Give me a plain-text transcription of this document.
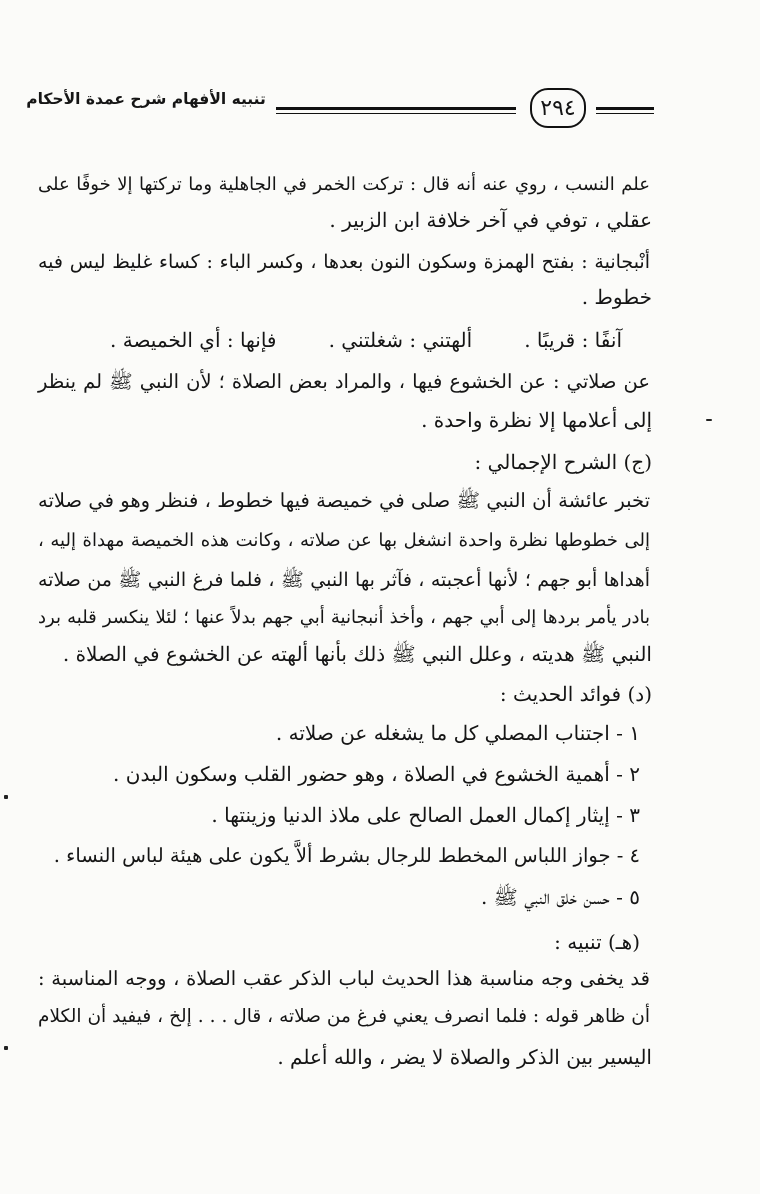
تنبيه الأفهام شرح عمدة الأحكام	٢٩٤
علم النسب ، روي عنه أنه قال : تركت الخمر في الجاهلية وما تركتها إلا خوفًا على
عقلي ، توفي في آخر خلافة ابن الزبير .
أنْبجانية : بفتح الهمزة وسكون النون بعدها ، وكسر الباء : كساء غليظ ليس فيه
خطوط .
فإنها : أي الخميصة .	ألهتني : شغلتني .	آنفًا : قريبًا .
عن صلاتي : عن الخشوع فيها ، والمراد بعض الصلاة ؛ لأن النبي ﷺ لم ينظر
إلى أعلامها إلا نظرة واحدة .
(ج) الشرح الإجمالي :
تخبر عائشة أن النبي ﷺ صلى في خميصة فيها خطوط ، فنظر وهو في صلاته
إلى خطوطها نظرة واحدة انشغل بها عن صلاته ، وكانت هذه الخميصة مهداة إليه ،
أهداها أبو جهم ؛ لأنها أعجبته ، فآثر بها النبي ﷺ ، فلما فرغ النبي ﷺ من صلاته
بادر يأمر بردها إلى أبي جهم ، وأخذ أنبجانية أبي جهم بدلاً عنها ؛ لئلا ينكسر قلبه برد
النبي ﷺ هديته ، وعلل النبي ﷺ ذلك بأنها ألهته عن الخشوع في الصلاة .
(د) فوائد الحديث :
١ - اجتناب المصلي كل ما يشغله عن صلاته .
٢ - أهمية الخشوع في الصلاة ، وهو حضور القلب وسكون البدن .
٣ - إيثار إكمال العمل الصالح على ملاذ الدنيا وزينتها .
٤ - جواز اللباس المخطط للرجال بشرط ألاَّ يكون على هيئة لباس النساء .
٥ - حسن خلق النبي ﷺ .
(هـ) تنبيه :
قد يخفى وجه مناسبة هذا الحديث لباب الذكر عقب الصلاة ، ووجه المناسبة :
أن ظاهر قوله : فلما انصرف يعني فرغ من صلاته ، قال . . . إلخ ، فيفيد أن الكلام
اليسير بين الذكر والصلاة لا يضر ، والله أعلم .
